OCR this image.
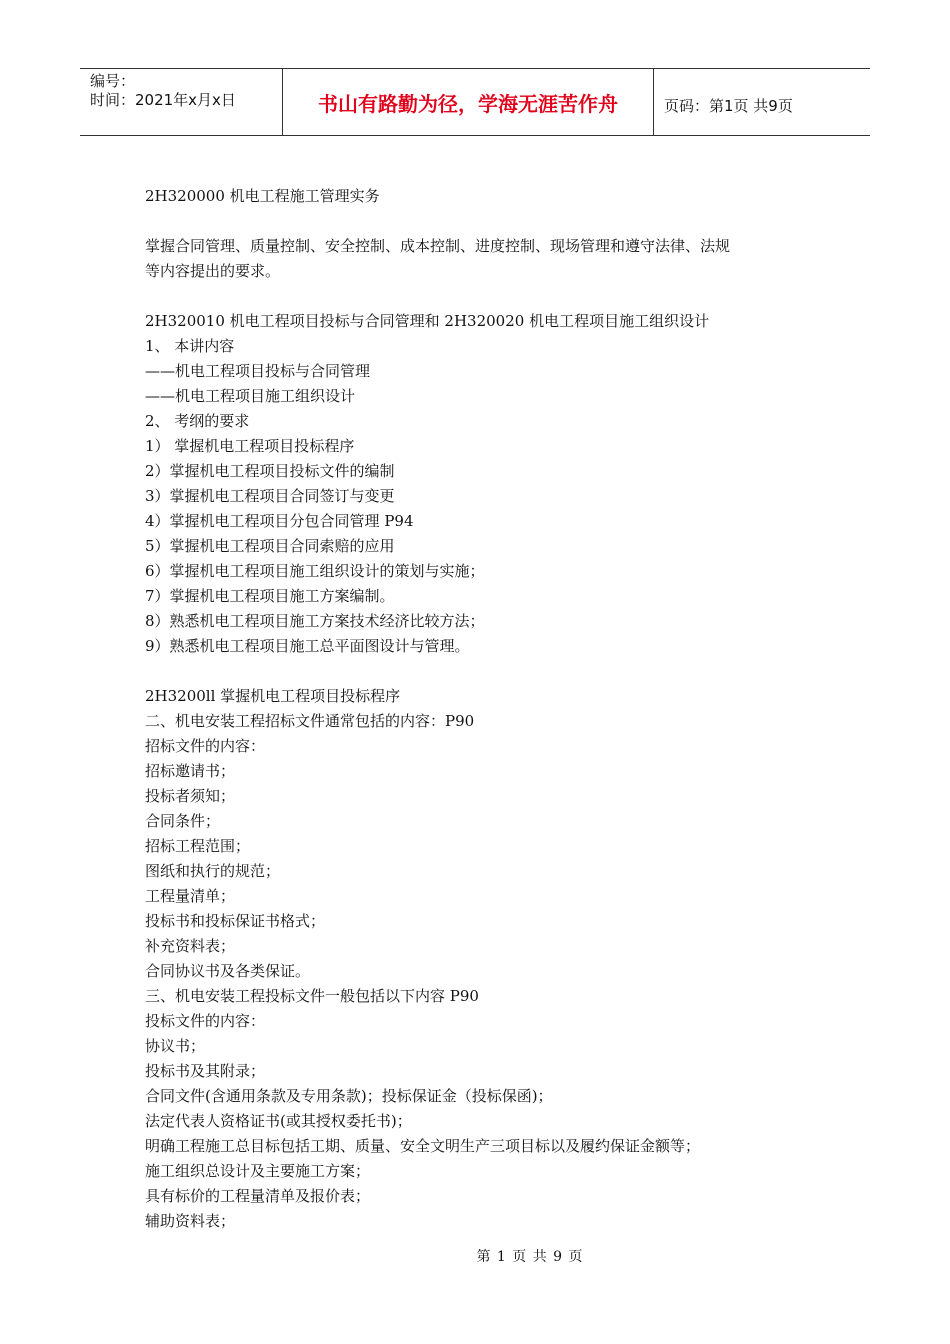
编号：
时间：2021年x月x日	书山有路勤为径，学海无涯苦作舟	页码：第1页 共9页
2H320000 机电工程施工管理实务
掌握合同管理、质量控制、安全控制、成本控制、进度控制、现场管理和遵守法律、法规
等内容提出的要求。
2H320010 机电工程项目投标与合同管理和 2H320020 机电工程项目施工组织设计
1、 本讲内容
——机电工程项目投标与合同管理
——机电工程项目施工组织设计
2、 考纲的要求
1） 掌握机电工程项目投标程序
2）掌握机电工程项目投标文件的编制
3）掌握机电工程项目合同签订与变更
4）掌握机电工程项目分包合同管理 P94
5）掌握机电工程项目合同索赔的应用
6）掌握机电工程项目施工组织设计的策划与实施；
7）掌握机电工程项目施工方案编制。
8）熟悉机电工程项目施工方案技术经济比较方法；
9）熟悉机电工程项目施工总平面图设计与管理。
2H3200ll 掌握机电工程项目投标程序
二、机电安装工程招标文件通常包括的内容：P90
招标文件的内容：
招标邀请书；
投标者须知；
合同条件；
招标工程范围；
图纸和执行的规范；
工程量清单；
投标书和投标保证书格式；
补充资料表；
合同协议书及各类保证。
三、机电安装工程投标文件一般包括以下内容 P90
投标文件的内容：
协议书；
投标书及其附录；
合同文件(含通用条款及专用条款)；投标保证金（投标保函)；
法定代表人资格证书(或其授权委托书)；
明确工程施工总目标包括工期、质量、安全文明生产三项目标以及履约保证金额等；
施工组织总设计及主要施工方案；
具有标价的工程量清单及报价表；
辅助资料表；
第 1 页 共 9 页
